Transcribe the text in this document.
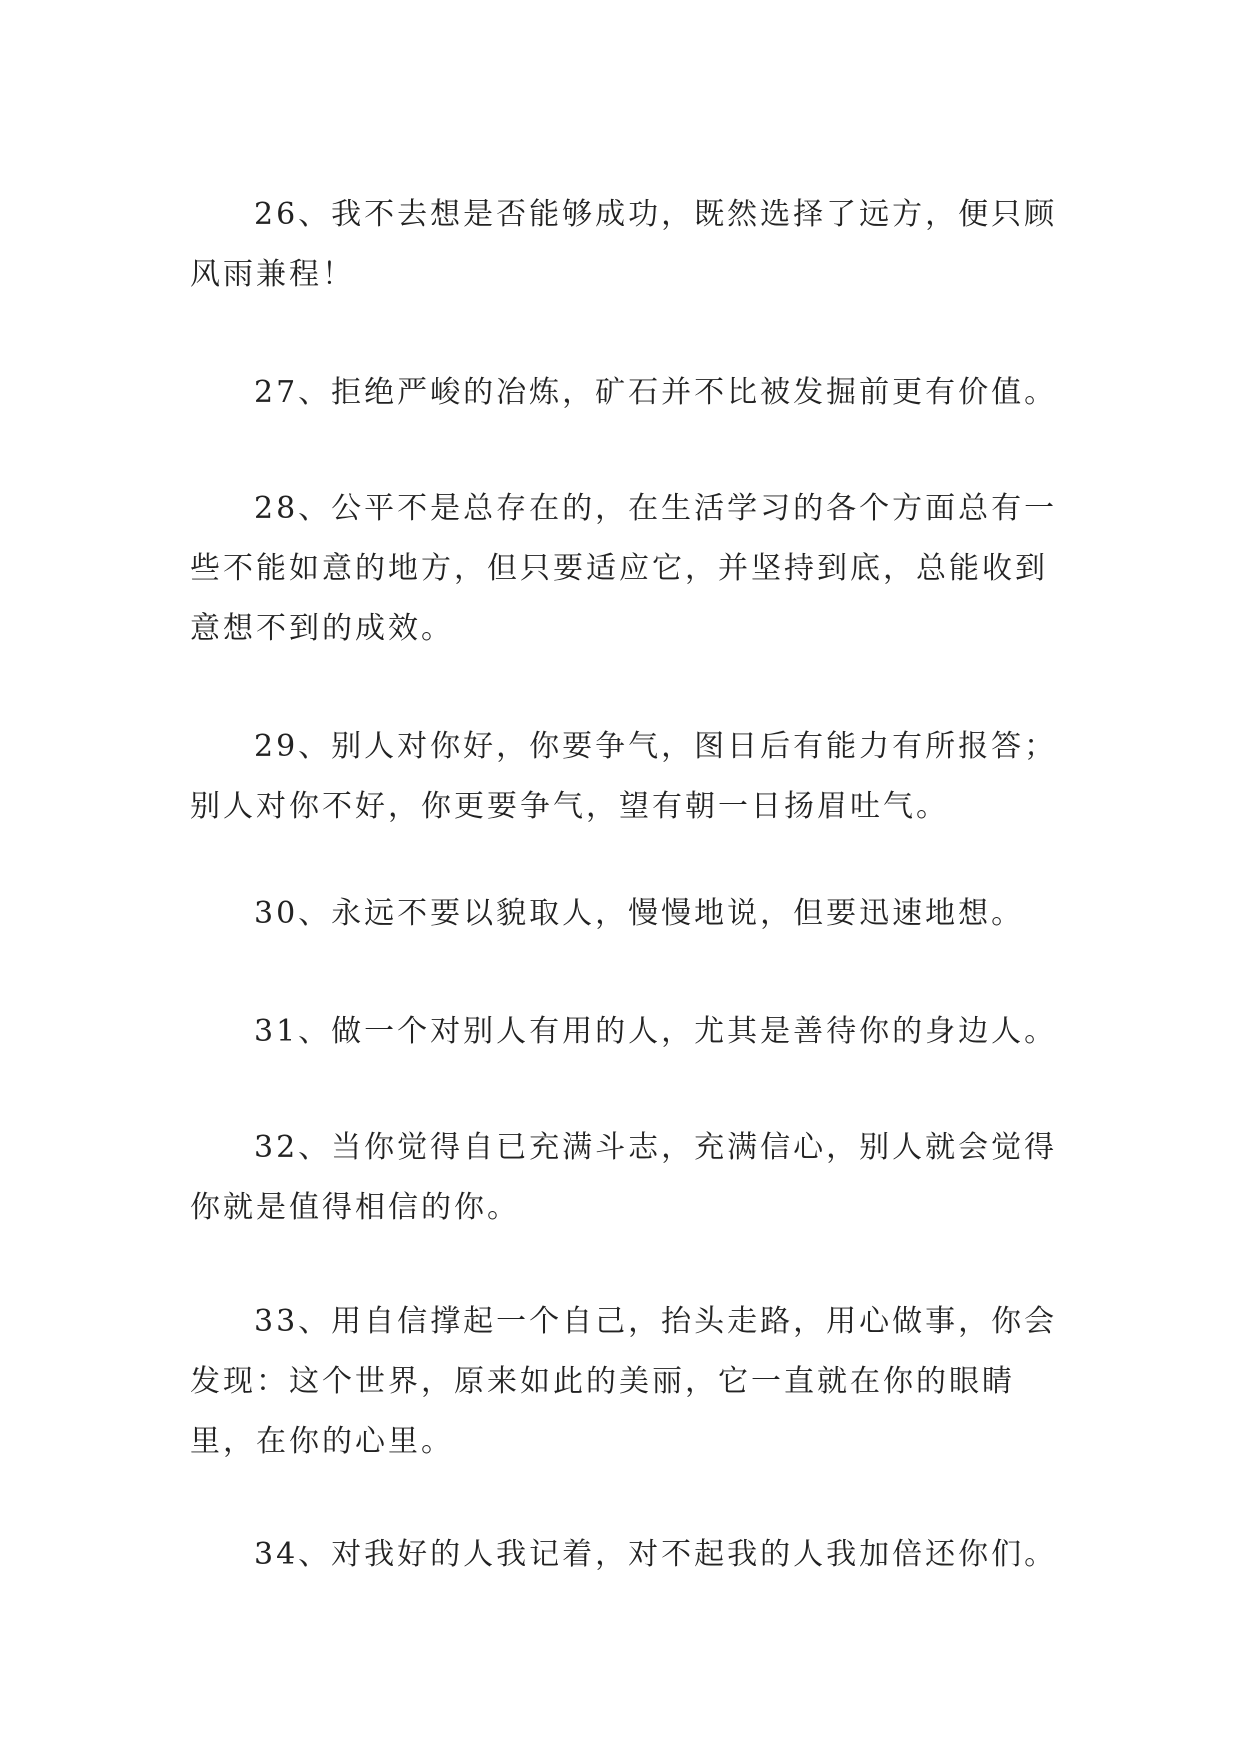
26、我不去想是否能够成功，既然选择了远方，便只顾风雨兼程！

27、拒绝严峻的冶炼，矿石并不比被发掘前更有价值。

28、公平不是总存在的，在生活学习的各个方面总有一些不能如意的地方，但只要适应它，并坚持到底，总能收到意想不到的成效。

29、别人对你好，你要争气，图日后有能力有所报答；别人对你不好，你更要争气，望有朝一日扬眉吐气。

30、永远不要以貌取人，慢慢地说，但要迅速地想。

31、做一个对别人有用的人，尤其是善待你的身边人。

32、当你觉得自已充满斗志，充满信心，别人就会觉得你就是值得相信的你。

33、用自信撑起一个自己，抬头走路，用心做事，你会发现：这个世界，原来如此的美丽，它一直就在你的眼睛里，在你的心里。

34、对我好的人我记着，对不起我的人我加倍还你们。
